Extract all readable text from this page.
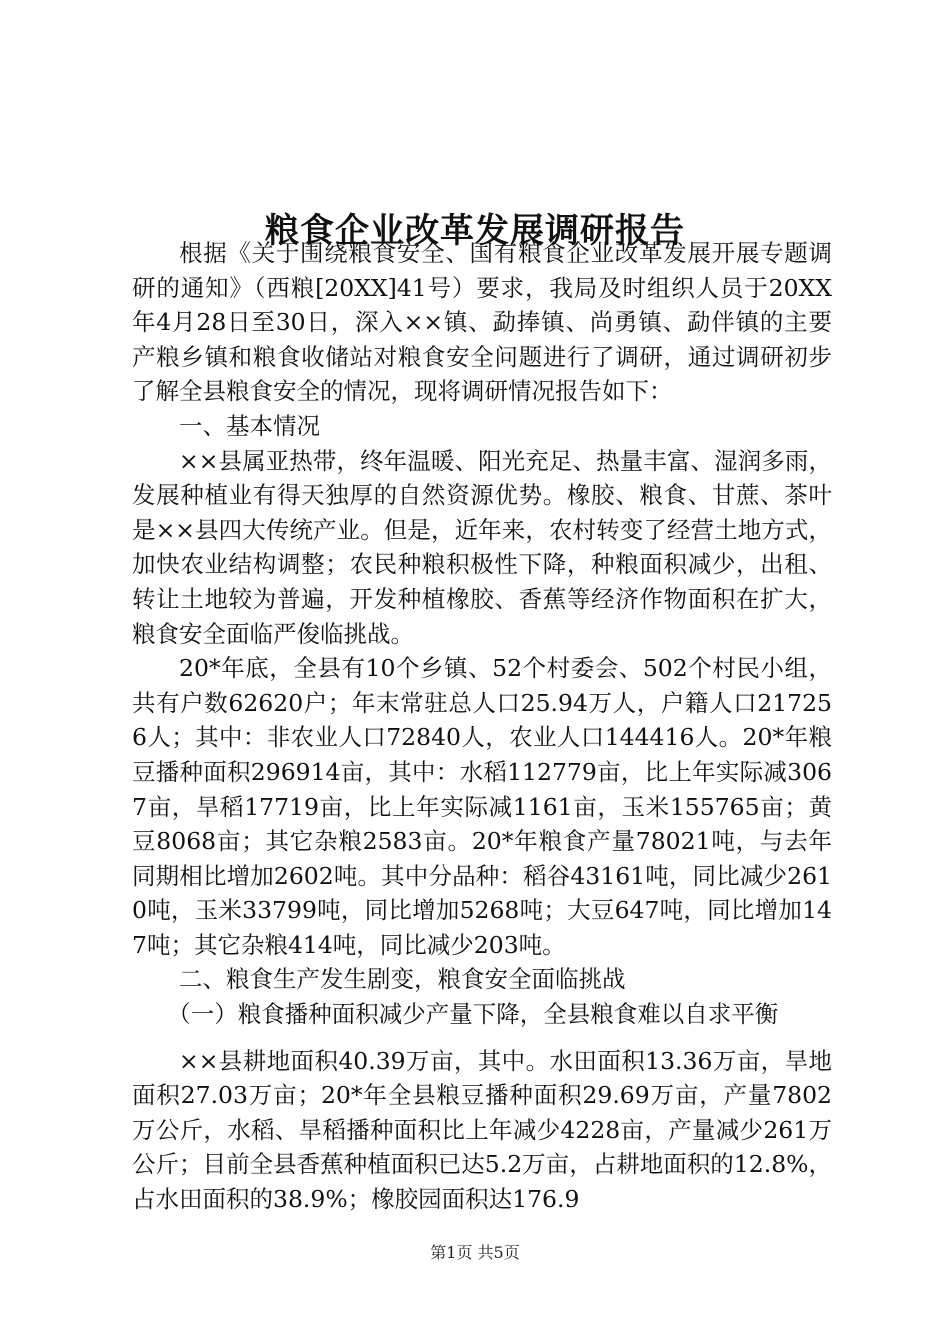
粮食企业改革发展调研报告

根据《关于围绕粮食安全、国有粮食企业改革发展开展专题调研的通知》（西粮[20XX]41号）要求，我局及时组织人员于20XX年4月28日至30日，深入××镇、勐捧镇、尚勇镇、勐伴镇的主要产粮乡镇和粮食收储站对粮食安全问题进行了调研，通过调研初步了解全县粮食安全的情况，现将调研情况报告如下：

一、基本情况

××县属亚热带，终年温暖、阳光充足、热量丰富、湿润多雨，发展种植业有得天独厚的自然资源优势。橡胶、粮食、甘蔗、茶叶是××县四大传统产业。但是，近年来，农村转变了经营土地方式，加快农业结构调整；农民种粮积极性下降，种粮面积减少，出租、转让土地较为普遍，开发种植橡胶、香蕉等经济作物面积在扩大，粮食安全面临严俊临挑战。

20*年底，全县有10个乡镇、52个村委会、502个村民小组，共有户数62620户；年末常驻总人口25.94万人，户籍人口217256人；其中：非农业人口72840人，农业人口144416人。20*年粮豆播种面积296914亩，其中：水稻112779亩，比上年实际减3067亩，旱稻17719亩，比上年实际减1161亩，玉米155765亩；黄豆8068亩；其它杂粮2583亩。20*年粮食产量78021吨，与去年同期相比增加2602吨。其中分品种：稻谷43161吨，同比减少2610吨，玉米33799吨，同比增加5268吨；大豆647吨，同比增加147吨；其它杂粮414吨，同比减少203吨。

二、粮食生产发生剧变，粮食安全面临挑战

（一）粮食播种面积减少产量下降，全县粮食难以自求平衡

××县耕地面积40.39万亩，其中。水田面积13.36万亩，旱地面积27.03万亩；20*年全县粮豆播种面积29.69万亩，产量7802万公斤，水稻、旱稻播种面积比上年减少4228亩，产量减少261万公斤；目前全县香蕉种植面积已达5.2万亩，占耕地面积的12.8%，占水田面积的38.9%；橡胶园面积达176.9

第1页 共5页
